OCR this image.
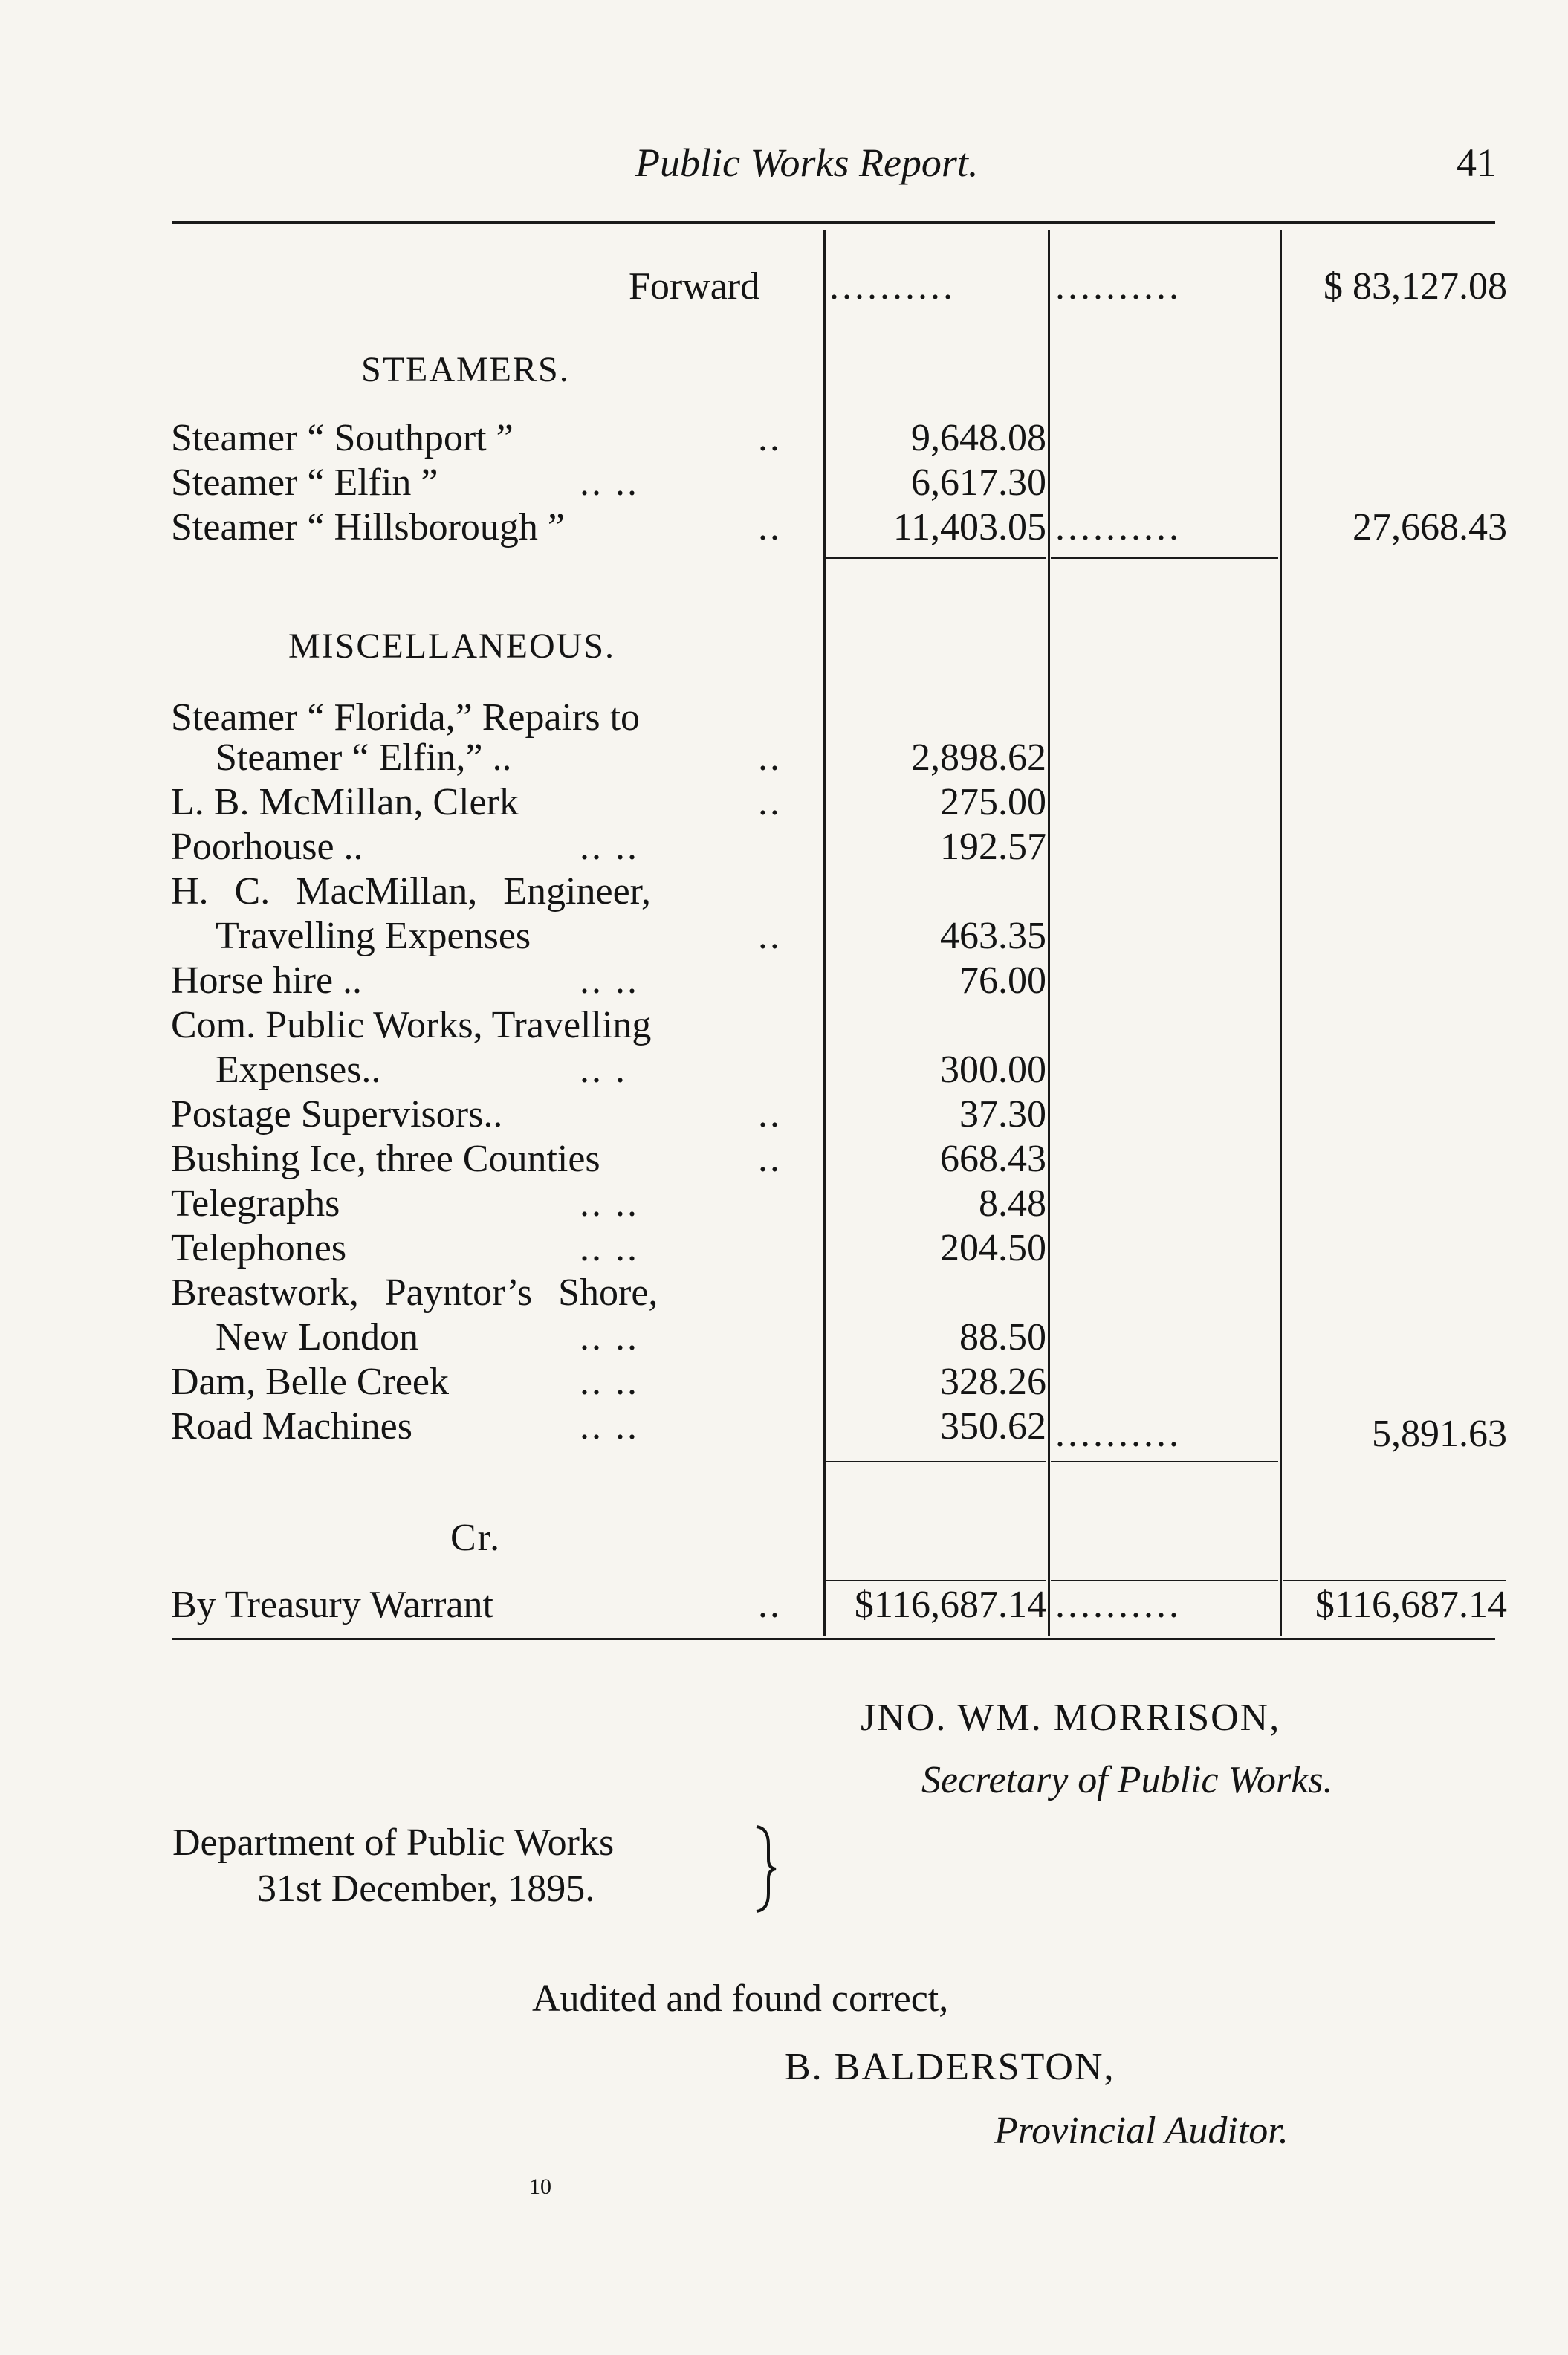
Public Works Report.	41
Forward ..........	..........	$ 83,127.08
STEAMERS.
Steamer “ Southport ”	..	9,648.08
Steamer “ Elfin ”	.. ..	6,617.30
Steamer “ Hillsborough ”	..	11,403.05 ..........	27,668.43
MISCELLANEOUS.
Steamer “ Florida,” Repairs to
Steamer “ Elfin,” ..	..	2,898.62
L. B. McMillan, Clerk	..	275.00
Poorhouse ..	.. ..	192.57
H. C. MacMillan, Engineer,
Travelling Expenses	..	463.35
Horse hire ..	.. ..	76.00
Com. Public Works, Travelling
Expenses..	.. .	300.00
Postage Supervisors..	..	37.30
Bushing Ice, three Counties	..	668.43
Telegraphs	.. ..	8.48
Telephones	.. ..	204.50
Breastwork, Payntor’s Shore,
New London	.. ..	88.50
Dam, Belle Creek	.. ..	328.26
Road Machines	.. ..	350.62 ..........	5,891.63
Cr.
By Treasury Warrant	..	$116,687.14 ..........	$116,687.14
JNO. WM. MORRISON,
Secretary of Public Works.
Department of Public Works
31st December, 1895.
Audited and found correct,
B. BALDERSTON,
Provincial Auditor.
10
